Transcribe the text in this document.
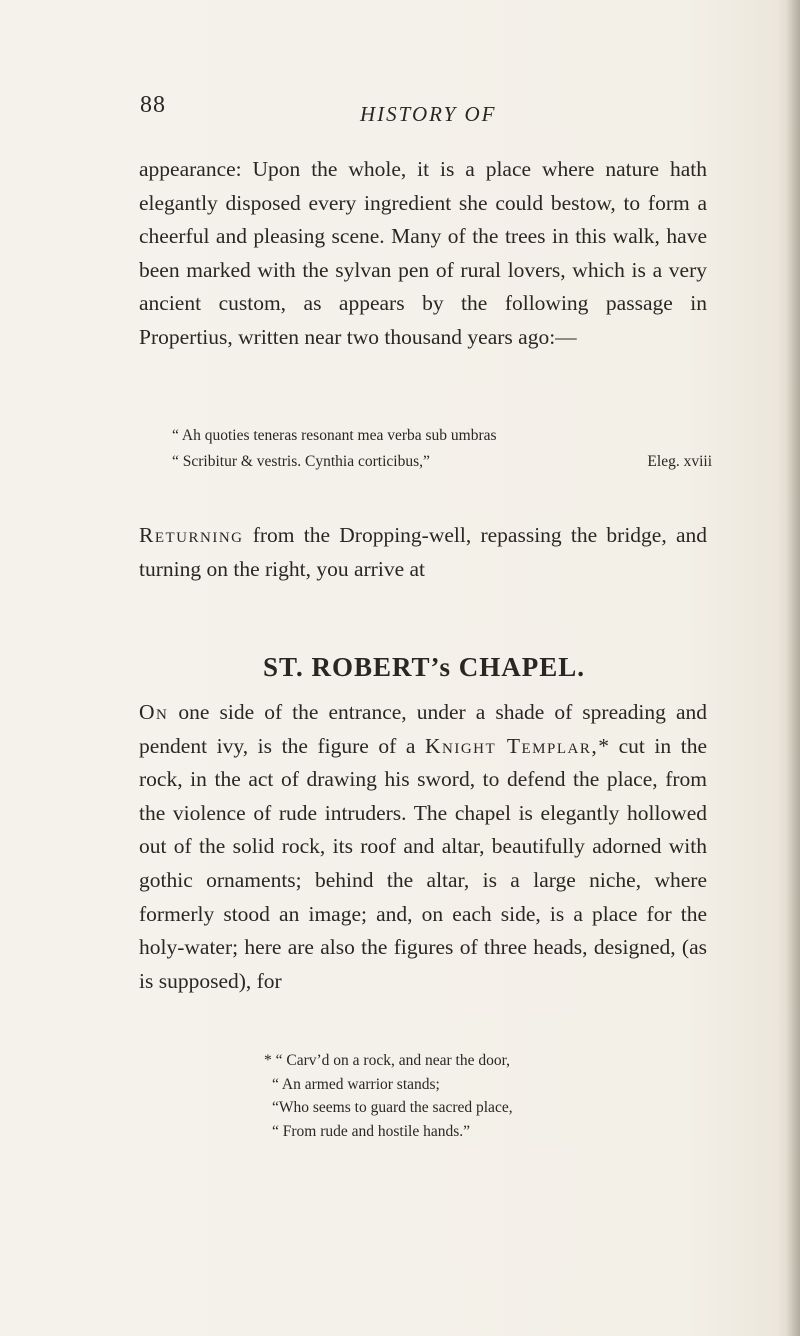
88	HISTORY OF

appearance: Upon the whole, it is a place where nature hath elegantly disposed every ingredient she could bestow, to form a cheerful and pleasing scene. Many of the trees in this walk, have been marked with the sylvan pen of rural lovers, which is a very ancient custom, as appears by the following passage in Propertius, written near two thousand years ago:—

“ Ah quoties teneras resonant mea verba sub umbras
“ Scribitur & vestris. Cynthia corticibus,”	Eleg. xviii

Returning from the Dropping-well, repassing the bridge, and turning on the right, you arrive at

ST. ROBERT’s CHAPEL.

On one side of the entrance, under a shade of spreading and pendent ivy, is the figure of a Knight Templar,* cut in the rock, in the act of drawing his sword, to defend the place, from the violence of rude intruders. The chapel is elegantly hollowed out of the solid rock, its roof and altar, beautifully adorned with gothic ornaments; behind the altar, is a large niche, where formerly stood an image; and, on each side, is a place for the holy-water; here are also the figures of three heads, designed, (as is supposed), for

* “ Carv’d on a rock, and near the door,
“ An armed warrior stands;
“Who seems to guard the sacred place,
“ From rude and hostile hands.”
